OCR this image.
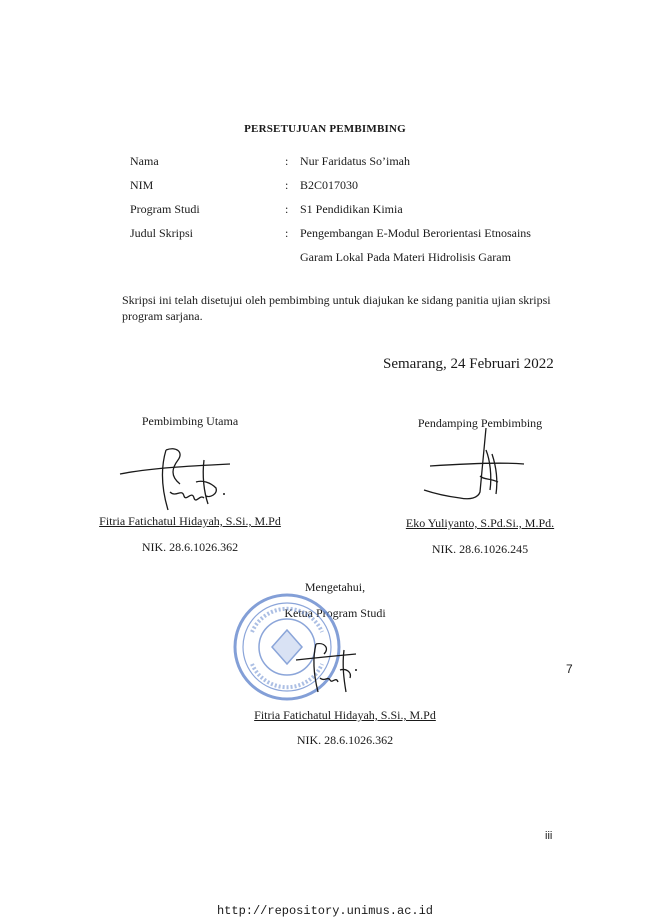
PERSETUJUAN PEMBIMBING
Nama	: Nur Faridatus So’imah
NIM	: B2C017030
Program Studi	: S1 Pendidikan Kimia
Judul Skripsi	: Pengembangan E-Modul Berorientasi Etnosains
Garam Lokal Pada Materi Hidrolisis Garam
Skripsi ini telah disetujui oleh pembimbing untuk diajukan ke sidang panitia ujian skripsi program sarjana.
Semarang, 24 Februari 2022
Pembimbing Utama
Fitria Fatichatul Hidayah, S.Si., M.Pd
NIK. 28.6.1026.362
Pendamping Pembimbing
Eko Yuliyanto, S.Pd.Si., M.Pd.
NIK. 28.6.1026.245
Mengetahui,
Ketua Program Studi
7
Fitria Fatichatul Hidayah, S.Si., M.Pd
NIK. 28.6.1026.362
iii
http://repository.unimus.ac.id
